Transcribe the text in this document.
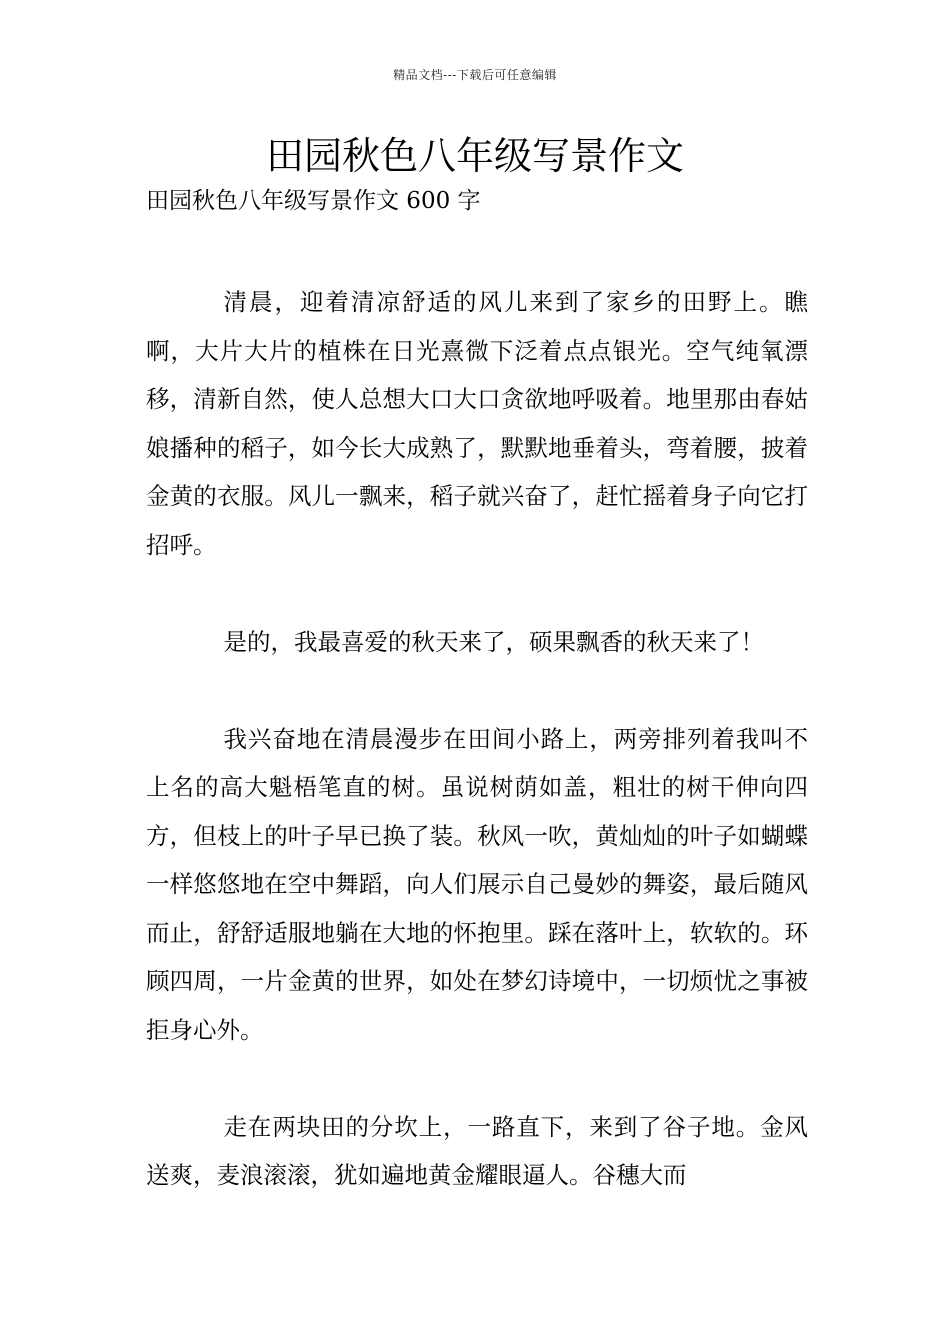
精品文档---下载后可任意编辑
田园秋色八年级写景作文

田园秋色八年级写景作文 600 字

清晨，迎着清凉舒适的风儿来到了家乡的田野上。瞧啊，大片大片的植株在日光熹微下泛着点点银光。空气纯氧漂移，清新自然，使人总想大口大口贪欲地呼吸着。地里那由春姑娘播种的稻子，如今长大成熟了，默默地垂着头，弯着腰，披着金黄的衣服。风儿一飘来，稻子就兴奋了，赶忙摇着身子向它打招呼。

是的，我最喜爱的秋天来了，硕果飘香的秋天来了！

我兴奋地在清晨漫步在田间小路上，两旁排列着我叫不上名的高大魁梧笔直的树。虽说树荫如盖，粗壮的树干伸向四方，但枝上的叶子早已换了装。秋风一吹，黄灿灿的叶子如蝴蝶一样悠悠地在空中舞蹈，向人们展示自己曼妙的舞姿，最后随风而止，舒舒适服地躺在大地的怀抱里。踩在落叶上，软软的。环顾四周，一片金黄的世界，如处在梦幻诗境中，一切烦忧之事被拒身心外。

走在两块田的分坎上，一路直下，来到了谷子地。金风送爽，麦浪滚滚，犹如遍地黄金耀眼逼人。谷穗大而
